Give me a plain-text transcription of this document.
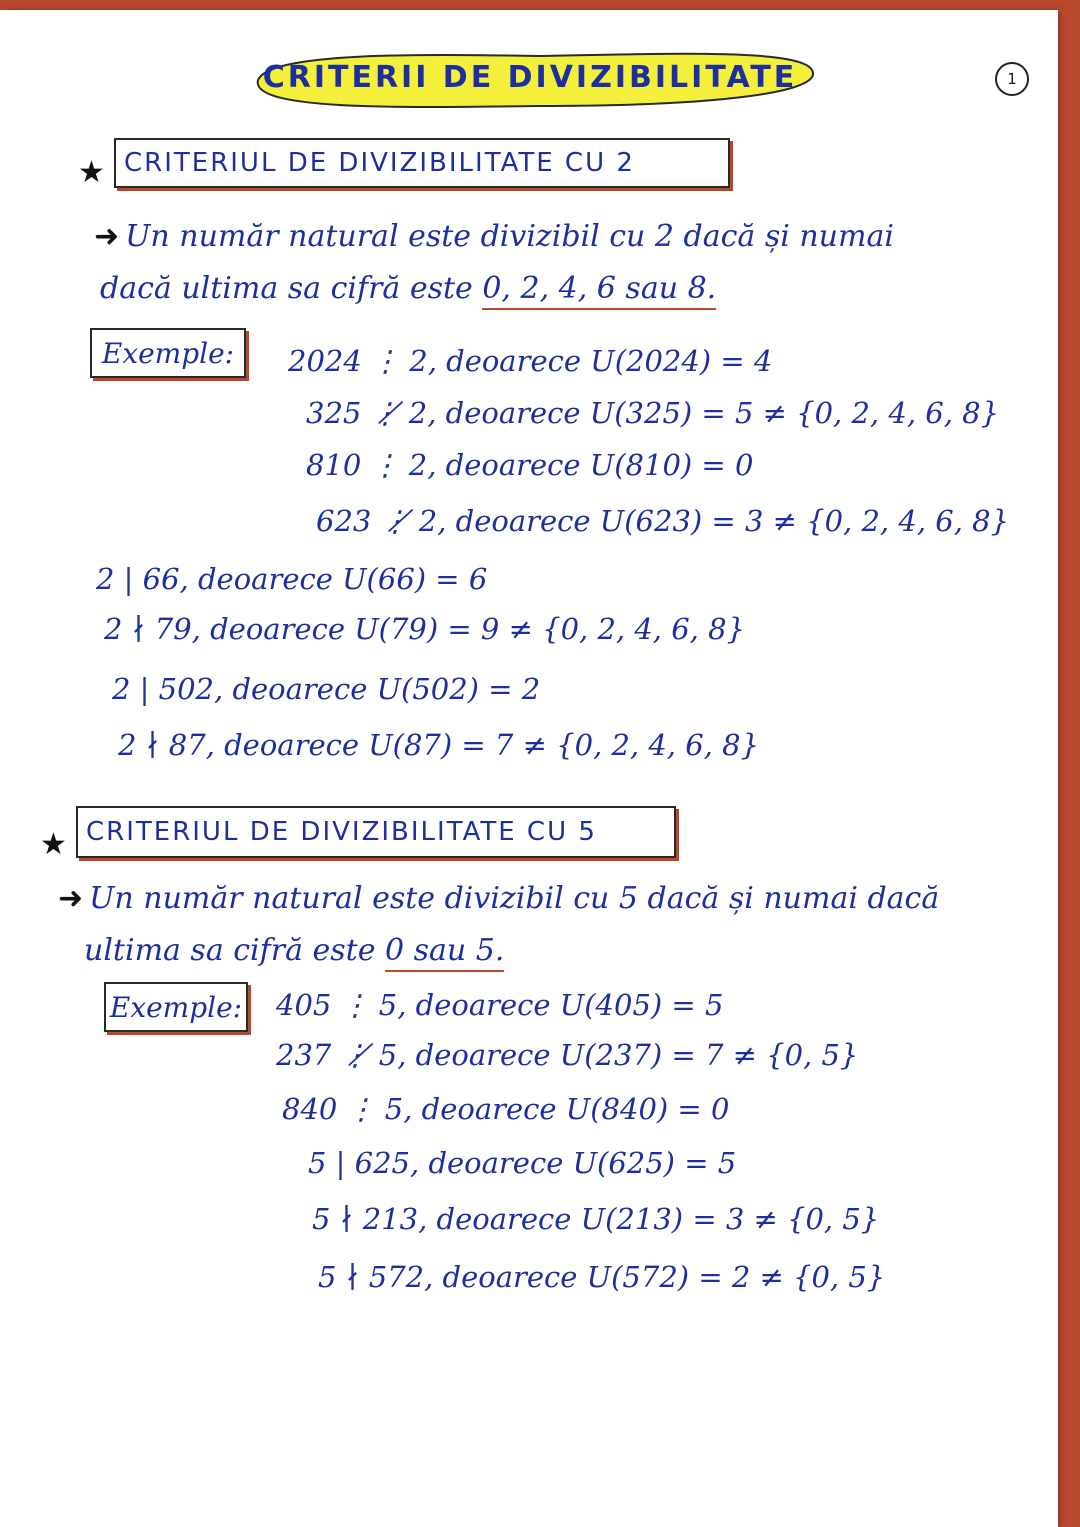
CRITERII DE DIVIZIBILITATE	1
★ CRITERIUL DE DIVIZIBILITATE CU 2
➜ Un număr natural este divizibil cu 2 dacă și numai
dacă ultima sa cifră este 0, 2, 4, 6 sau 8.
Exemple:	2024 ⋮ 2, deoarece U(2024) = 4
325 ⋮̸ 2, deoarece U(325) = 5 ≠ {0, 2, 4, 6, 8}
810 ⋮ 2, deoarece U(810) = 0
623 ⋮̸ 2, deoarece U(623) = 3 ≠ {0, 2, 4, 6, 8}
2 | 66, deoarece U(66) = 6
2 ∤ 79, deoarece U(79) = 9 ≠ {0, 2, 4, 6, 8}
2 | 502, deoarece U(502) = 2
2 ∤ 87, deoarece U(87) = 7 ≠ {0, 2, 4, 6, 8}
★ CRITERIUL DE DIVIZIBILITATE CU 5
➜ Un număr natural este divizibil cu 5 dacă și numai dacă
ultima sa cifră este 0 sau 5.
Exemple: 405 ⋮ 5, deoarece U(405) = 5
237 ⋮̸ 5, deoarece U(237) = 7 ≠ {0, 5}
840 ⋮ 5, deoarece U(840) = 0
5 | 625, deoarece U(625) = 5
5 ∤ 213, deoarece U(213) = 3 ≠ {0, 5}
5 ∤ 572, deoarece U(572) = 2 ≠ {0, 5}
